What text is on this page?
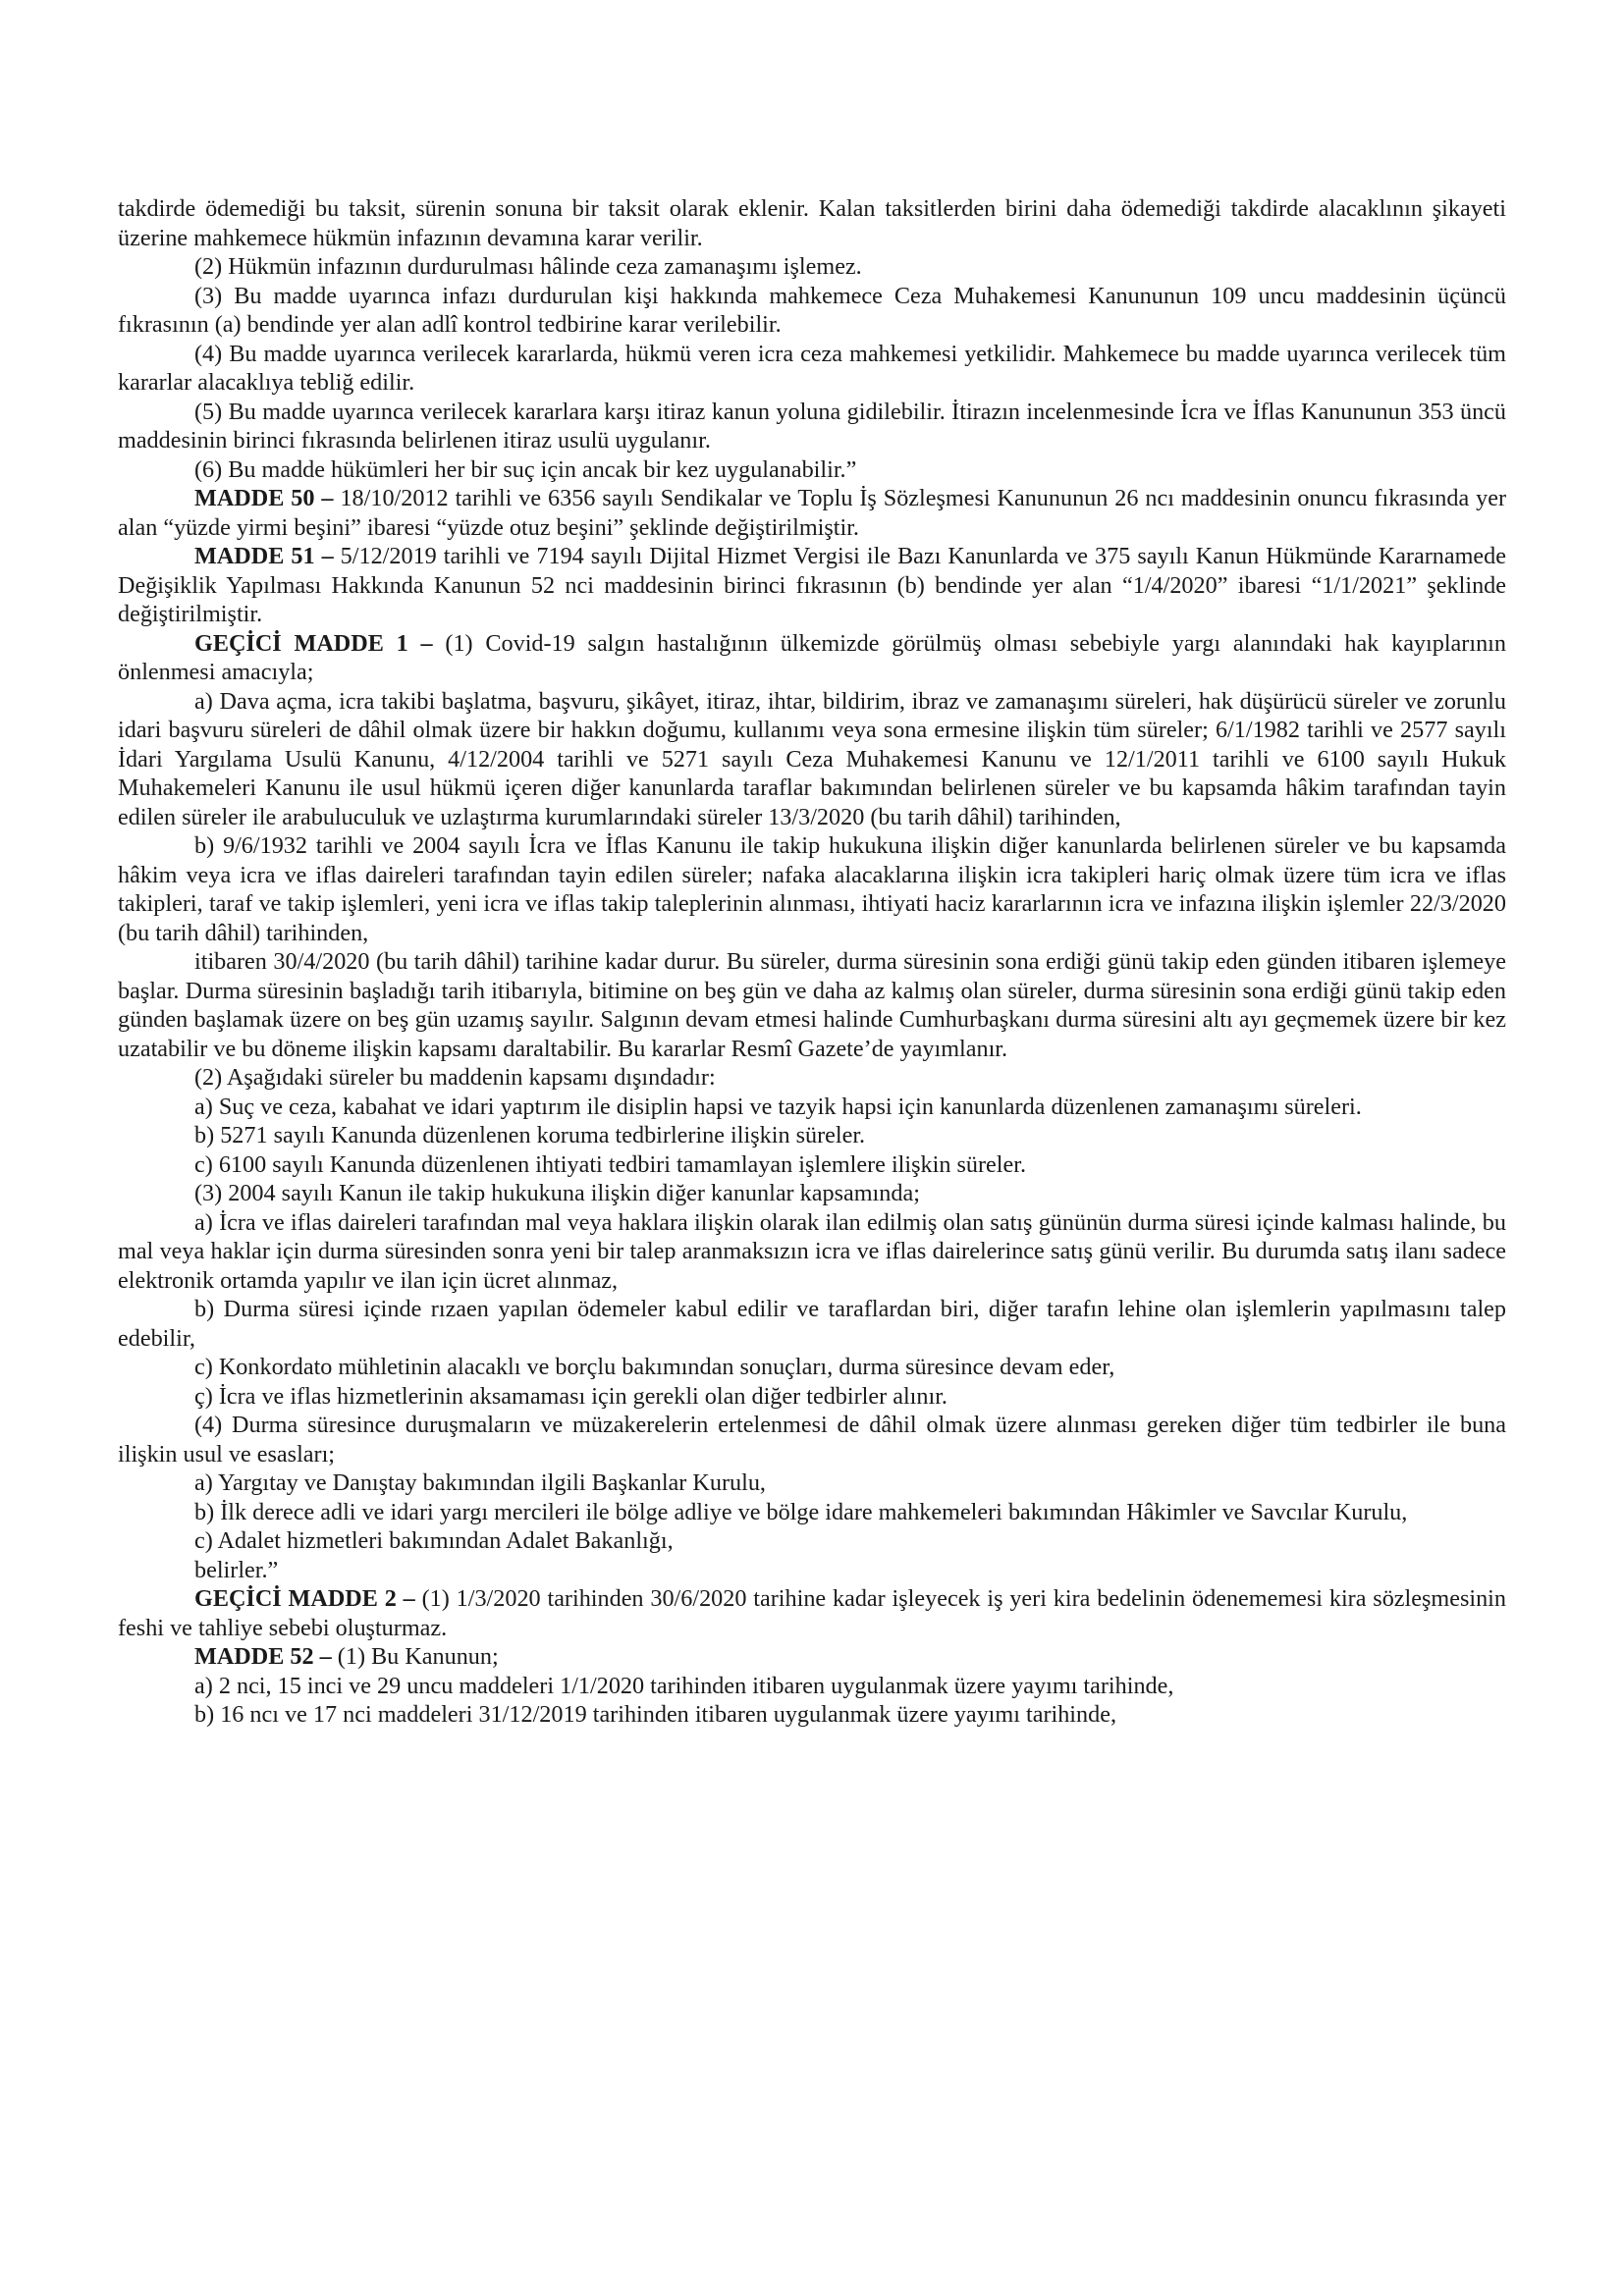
takdirde ödemediği bu taksit, sürenin sonuna bir taksit olarak eklenir. Kalan taksitlerden birini daha ödemediği takdirde alacaklının şikayeti üzerine mahkemece hükmün infazının devamına karar verilir.

(2) Hükmün infazının durdurulması hâlinde ceza zamanaşımı işlemez.

(3) Bu madde uyarınca infazı durdurulan kişi hakkında mahkemece Ceza Muhakemesi Kanununun 109 uncu maddesinin üçüncü fıkrasının (a) bendinde yer alan adlî kontrol tedbirine karar verilebilir.

(4) Bu madde uyarınca verilecek kararlarda, hükmü veren icra ceza mahkemesi yetkilidir. Mahkemece bu madde uyarınca verilecek tüm kararlar alacaklıya tebliğ edilir.

(5) Bu madde uyarınca verilecek kararlara karşı itiraz kanun yoluna gidilebilir. İtirazın incelenmesinde İcra ve İflas Kanununun 353 üncü maddesinin birinci fıkrasında belirlenen itiraz usulü uygulanır.

(6) Bu madde hükümleri her bir suç için ancak bir kez uygulanabilir.”

MADDE 50 – 18/10/2012 tarihli ve 6356 sayılı Sendikalar ve Toplu İş Sözleşmesi Kanununun 26 ncı maddesinin onuncu fıkrasında yer alan “yüzde yirmi beşini” ibaresi “yüzde otuz beşini” şeklinde değiştirilmiştir.

MADDE 51 – 5/12/2019 tarihli ve 7194 sayılı Dijital Hizmet Vergisi ile Bazı Kanunlarda ve 375 sayılı Kanun Hükmünde Kararnamede Değişiklik Yapılması Hakkında Kanunun 52 nci maddesinin birinci fıkrasının (b) bendinde yer alan “1/4/2020” ibaresi “1/1/2021” şeklinde değiştirilmiştir.

GEÇİCİ MADDE 1 – (1) Covid-19 salgın hastalığının ülkemizde görülmüş olması sebebiyle yargı alanındaki hak kayıplarının önlenmesi amacıyla;

a) Dava açma, icra takibi başlatma, başvuru, şikâyet, itiraz, ihtar, bildirim, ibraz ve zamanaşımı süreleri, hak düşürücü süreler ve zorunlu idari başvuru süreleri de dâhil olmak üzere bir hakkın doğumu, kullanımı veya sona ermesine ilişkin tüm süreler; 6/1/1982 tarihli ve 2577 sayılı İdari Yargılama Usulü Kanunu, 4/12/2004 tarihli ve 5271 sayılı Ceza Muhakemesi Kanunu ve 12/1/2011 tarihli ve 6100 sayılı Hukuk Muhakemeleri Kanunu ile usul hükmü içeren diğer kanunlarda taraflar bakımından belirlenen süreler ve bu kapsamda hâkim tarafından tayin edilen süreler ile arabuluculuk ve uzlaştırma kurumlarındaki süreler 13/3/2020 (bu tarih dâhil) tarihinden,

b) 9/6/1932 tarihli ve 2004 sayılı İcra ve İflas Kanunu ile takip hukukuna ilişkin diğer kanunlarda belirlenen süreler ve bu kapsamda hâkim veya icra ve iflas daireleri tarafından tayin edilen süreler; nafaka alacaklarına ilişkin icra takipleri hariç olmak üzere tüm icra ve iflas takipleri, taraf ve takip işlemleri, yeni icra ve iflas takip taleplerinin alınması, ihtiyati haciz kararlarının icra ve infazına ilişkin işlemler 22/3/2020 (bu tarih dâhil) tarihinden,

itibaren 30/4/2020 (bu tarih dâhil) tarihine kadar durur. Bu süreler, durma süresinin sona erdiği günü takip eden günden itibaren işlemeye başlar. Durma süresinin başladığı tarih itibarıyla, bitimine on beş gün ve daha az kalmış olan süreler, durma süresinin sona erdiği günü takip eden günden başlamak üzere on beş gün uzamış sayılır. Salgının devam etmesi halinde Cumhurbaşkanı durma süresini altı ayı geçmemek üzere bir kez uzatabilir ve bu döneme ilişkin kapsamı daraltabilir. Bu kararlar Resmî Gazete’de yayımlanır.

(2) Aşağıdaki süreler bu maddenin kapsamı dışındadır:

a) Suç ve ceza, kabahat ve idari yaptırım ile disiplin hapsi ve tazyik hapsi için kanunlarda düzenlenen zamanaşımı süreleri.

b) 5271 sayılı Kanunda düzenlenen koruma tedbirlerine ilişkin süreler.

c) 6100 sayılı Kanunda düzenlenen ihtiyati tedbiri tamamlayan işlemlere ilişkin süreler.

(3) 2004 sayılı Kanun ile takip hukukuna ilişkin diğer kanunlar kapsamında;

a) İcra ve iflas daireleri tarafından mal veya haklara ilişkin olarak ilan edilmiş olan satış gününün durma süresi içinde kalması halinde, bu mal veya haklar için durma süresinden sonra yeni bir talep aranmaksızın icra ve iflas dairelerince satış günü verilir. Bu durumda satış ilanı sadece elektronik ortamda yapılır ve ilan için ücret alınmaz,

b) Durma süresi içinde rızaen yapılan ödemeler kabul edilir ve taraflardan biri, diğer tarafın lehine olan işlemlerin yapılmasını talep edebilir,

c) Konkordato mühletinin alacaklı ve borçlu bakımından sonuçları, durma süresince devam eder,

ç) İcra ve iflas hizmetlerinin aksamaması için gerekli olan diğer tedbirler alınır.

(4) Durma süresince duruşmaların ve müzakerelerin ertelenmesi de dâhil olmak üzere alınması gereken diğer tüm tedbirler ile buna ilişkin usul ve esasları;

a) Yargıtay ve Danıştay bakımından ilgili Başkanlar Kurulu,

b) İlk derece adli ve idari yargı mercileri ile bölge adliye ve bölge idare mahkemeleri bakımından Hâkimler ve Savcılar Kurulu,

c) Adalet hizmetleri bakımından Adalet Bakanlığı,

belirler.”

GEÇİCİ MADDE 2 – (1) 1/3/2020 tarihinden 30/6/2020 tarihine kadar işleyecek iş yeri kira bedelinin ödenememesi kira sözleşmesinin feshi ve tahliye sebebi oluşturmaz.

MADDE 52 – (1) Bu Kanunun;

a) 2 nci, 15 inci ve 29 uncu maddeleri 1/1/2020 tarihinden itibaren uygulanmak üzere yayımı tarihinde,

b) 16 ncı ve 17 nci maddeleri 31/12/2019 tarihinden itibaren uygulanmak üzere yayımı tarihinde,
